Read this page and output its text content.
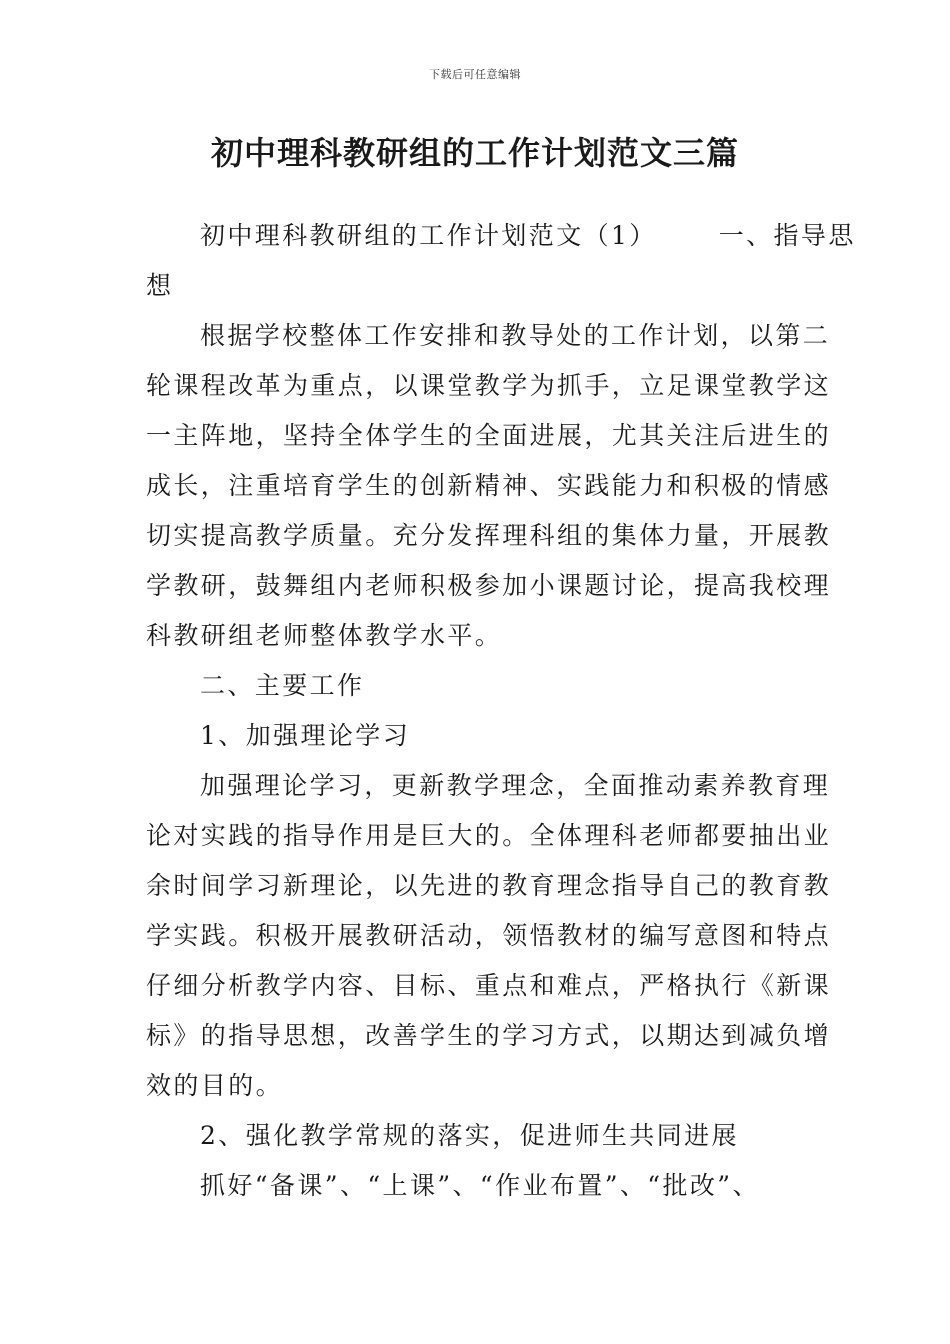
下载后可任意编辑
初中理科教研组的工作计划范文三篇
初中理科教研组的工作计划范文（1） 一、指导思
想
根据学校整体工作安排和教导处的工作计划，以第二
轮课程改革为重点，以课堂教学为抓手，立足课堂教学这
一主阵地，坚持全体学生的全面进展，尤其关注后进生的
成长，注重培育学生的创新精神、实践能力和积极的情感
切实提高教学质量。充分发挥理科组的集体力量，开展教
学教研，鼓舞组内老师积极参加小课题讨论，提高我校理
科教研组老师整体教学水平。
二、主要工作
1、加强理论学习
加强理论学习，更新教学理念，全面推动素养教育理
论对实践的指导作用是巨大的。全体理科老师都要抽出业
余时间学习新理论，以先进的教育理念指导自己的教育教
学实践。积极开展教研活动，领悟教材的编写意图和特点
仔细分析教学内容、目标、重点和难点，严格执行《新课
标》的指导思想，改善学生的学习方式，以期达到减负增
效的目的。
2、强化教学常规的落实，促进师生共同进展
抓好“备课”、“上课”、“作业布置”、“批改”、
